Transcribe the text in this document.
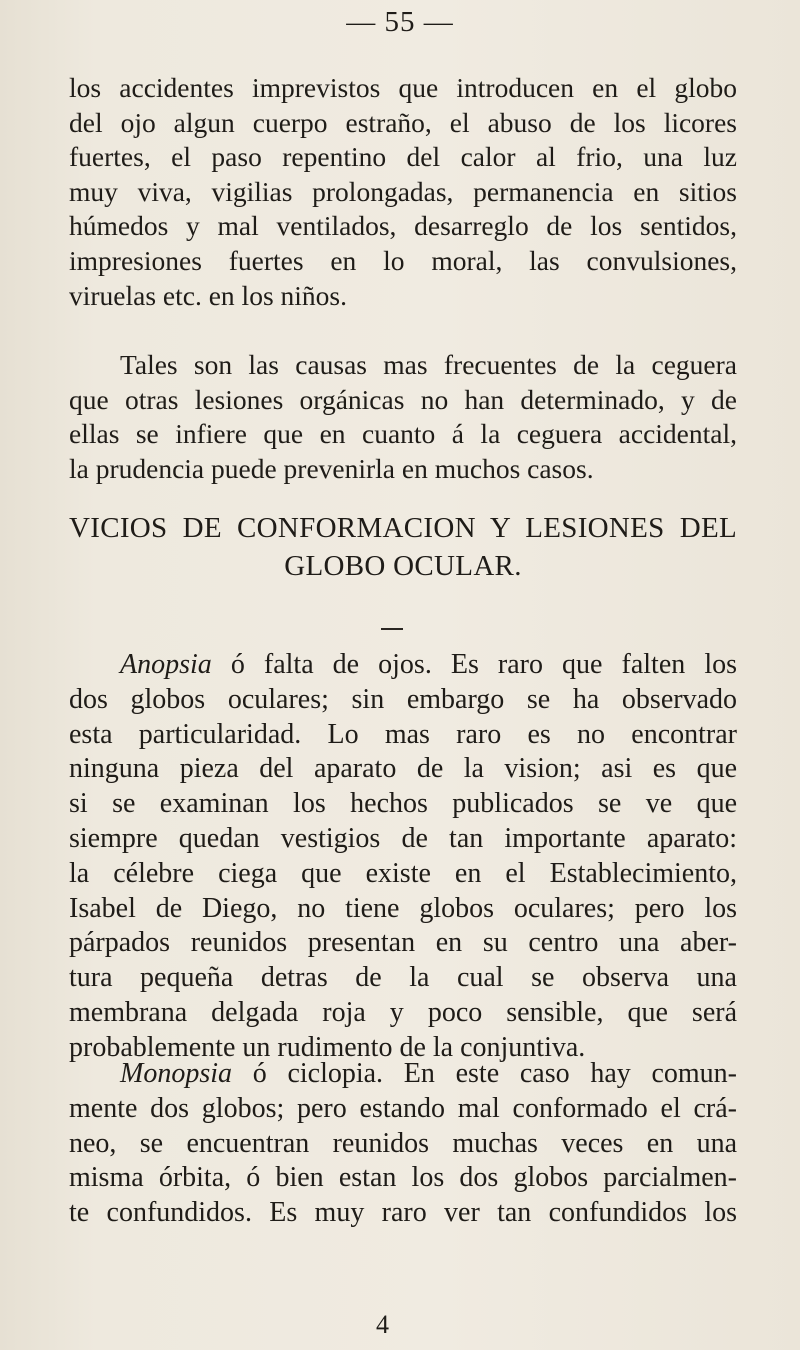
— 55 —
los accidentes imprevistos que introducen en el globo
del ojo algun cuerpo estraño, el abuso de los licores
fuertes, el paso repentino del calor al frio, una luz
muy viva, vigilias prolongadas, permanencia en sitios
húmedos y mal ventilados, desarreglo de los sentidos,
impresiones fuertes en lo moral, las convulsiones,
viruelas etc. en los niños.
Tales son las causas mas frecuentes de la ceguera
que otras lesiones orgánicas no han determinado, y de
ellas se infiere que en cuanto á la ceguera accidental,
la prudencia puede prevenirla en muchos casos.
VICIOS DE CONFORMACION Y LESIONES DEL
GLOBO OCULAR.
Anopsia ó falta de ojos. Es raro que falten los
dos globos oculares; sin embargo se ha observado
esta particularidad. Lo mas raro es no encontrar
ninguna pieza del aparato de la vision; asi es que
si se examinan los hechos publicados se ve que
siempre quedan vestigios de tan importante aparato:
la célebre ciega que existe en el Establecimiento,
Isabel de Diego, no tiene globos oculares; pero los
párpados reunidos presentan en su centro una aber-
tura pequeña detras de la cual se observa una
membrana delgada roja y poco sensible, que será
probablemente un rudimento de la conjuntiva.
Monopsia ó ciclopia. En este caso hay comun-
mente dos globos; pero estando mal conformado el crá-
neo, se encuentran reunidos muchas veces en una
misma órbita, ó bien estan los dos globos parcialmen-
te confundidos. Es muy raro ver tan confundidos los
4
